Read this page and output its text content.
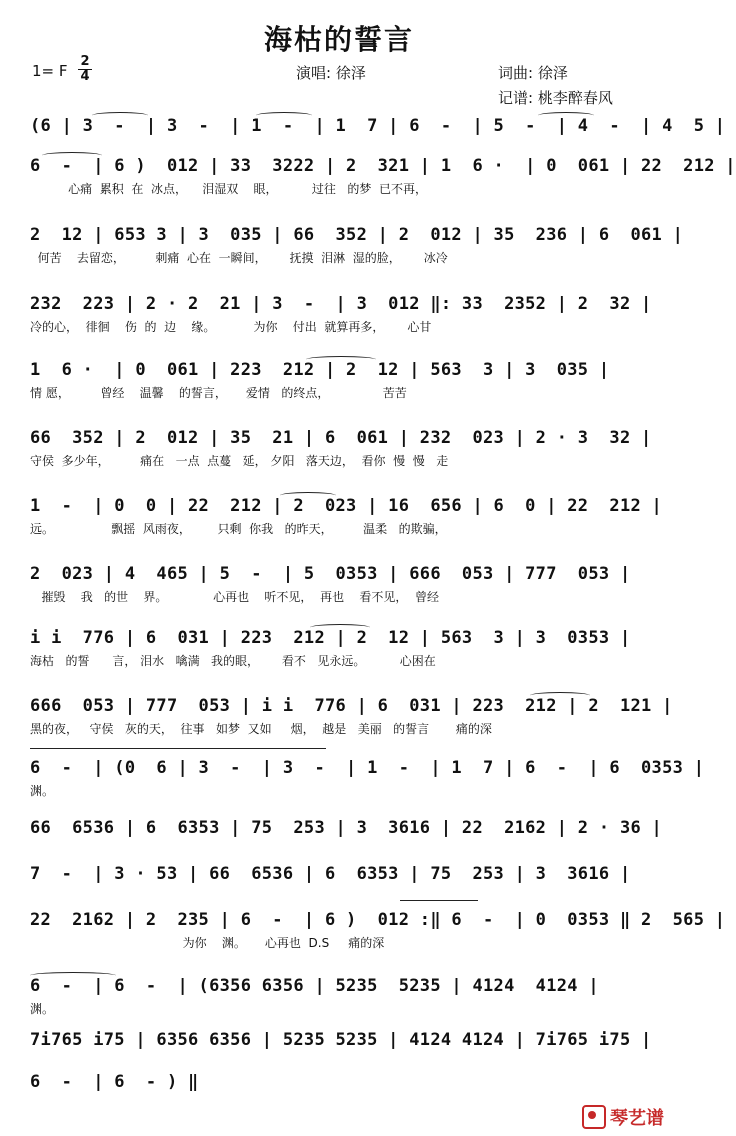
海枯的誓言
1= F
2
4	演唱: 徐泽	词曲: 徐泽
记谱: 桃李醉春风
(6 | 3  -  | 3  -  | 1  -  | 1  7 | 6  -  | 5  -  | 4  -  | 4  5 |
6  -  | 6 )  012 | 33  3222 | 2  321 | 1  6 ·  | 0  061 | 22  212 |
心痛  累积  在  冰点，    泪湿双    眼，         过往   的梦  已不再，
2  12 | 653 3 | 3  035 | 66  352 | 2  012 | 35  236 | 6  061 |
何苦    去留恋，        刺痛  心在  一瞬间，      抚摸  泪淋  湿的脸，      冰冷
232  223 | 2 · 2  21 | 3  -  | 3  012 ‖: 33  2352 | 2  32 |
冷的心，  徘徊    伤  的  边    缘。          为你    付出  就算再多，      心甘
1  6 ·  | 0  061 | 223  212 | 2  12 | 563  3 | 3  035 |
情 愿，        曾经    温馨    的誓言，     爱情   的终点，              苦苦
66  352 | 2  012 | 35  21 | 6  061 | 232  023 | 2 · 3  32 |
守侯  多少年，        痛在   一点  点蔓   延， 夕阳   落天边，  看你  慢  慢   走
1  -  | 0  0 | 22  212 | 2  023 | 16  656 | 6  0 | 22  212 |
远。               飘摇  风雨夜，       只剩  你我   的昨天，        温柔   的欺骗，
2  023 | 4  465 | 5  -  | 5  0353 | 666  053 | 777  053 |
摧毁    我   的世    界。            心再也    听不见，  再也    看不见，  曾经
i i  776 | 6  031 | 223  212 | 2  12 | 563  3 | 3  0353 |
海枯   的誓      言， 泪水   噙满   我的眼，      看不   见永远。         心困在
666  053 | 777  053 | i i  776 | 6  031 | 223  212 | 2  121 |
黑的夜，   守侯   灰的天，  往事   如梦  又如     烟，  越是   美丽   的誓言       痛的深
6  -  | (0  6 | 3  -  | 3  -  | 1  -  | 1  7 | 6  -  | 6  0353 |
渊。
66  6536 | 6  6353 | 75  253 | 3  3616 | 22  2162 | 2 · 36 |
7  -  | 3 · 53 | 66  6536 | 6  6353 | 75  253 | 3  3616 |
22  2162 | 2  235 | 6  -  | 6 )  012 :‖ 6  -  | 0  0353 ‖ 2  565 |
为你    渊。     心再也  D.S     痛的深
6  -  | 6  -  | (6356 6356 | 5235  5235 | 4124  4124 |
渊。
7i765 i75 | 6356 6356 | 5235 5235 | 4124 4124 | 7i765 i75 |
6  -  | 6  - ) ‖
琴艺谱
